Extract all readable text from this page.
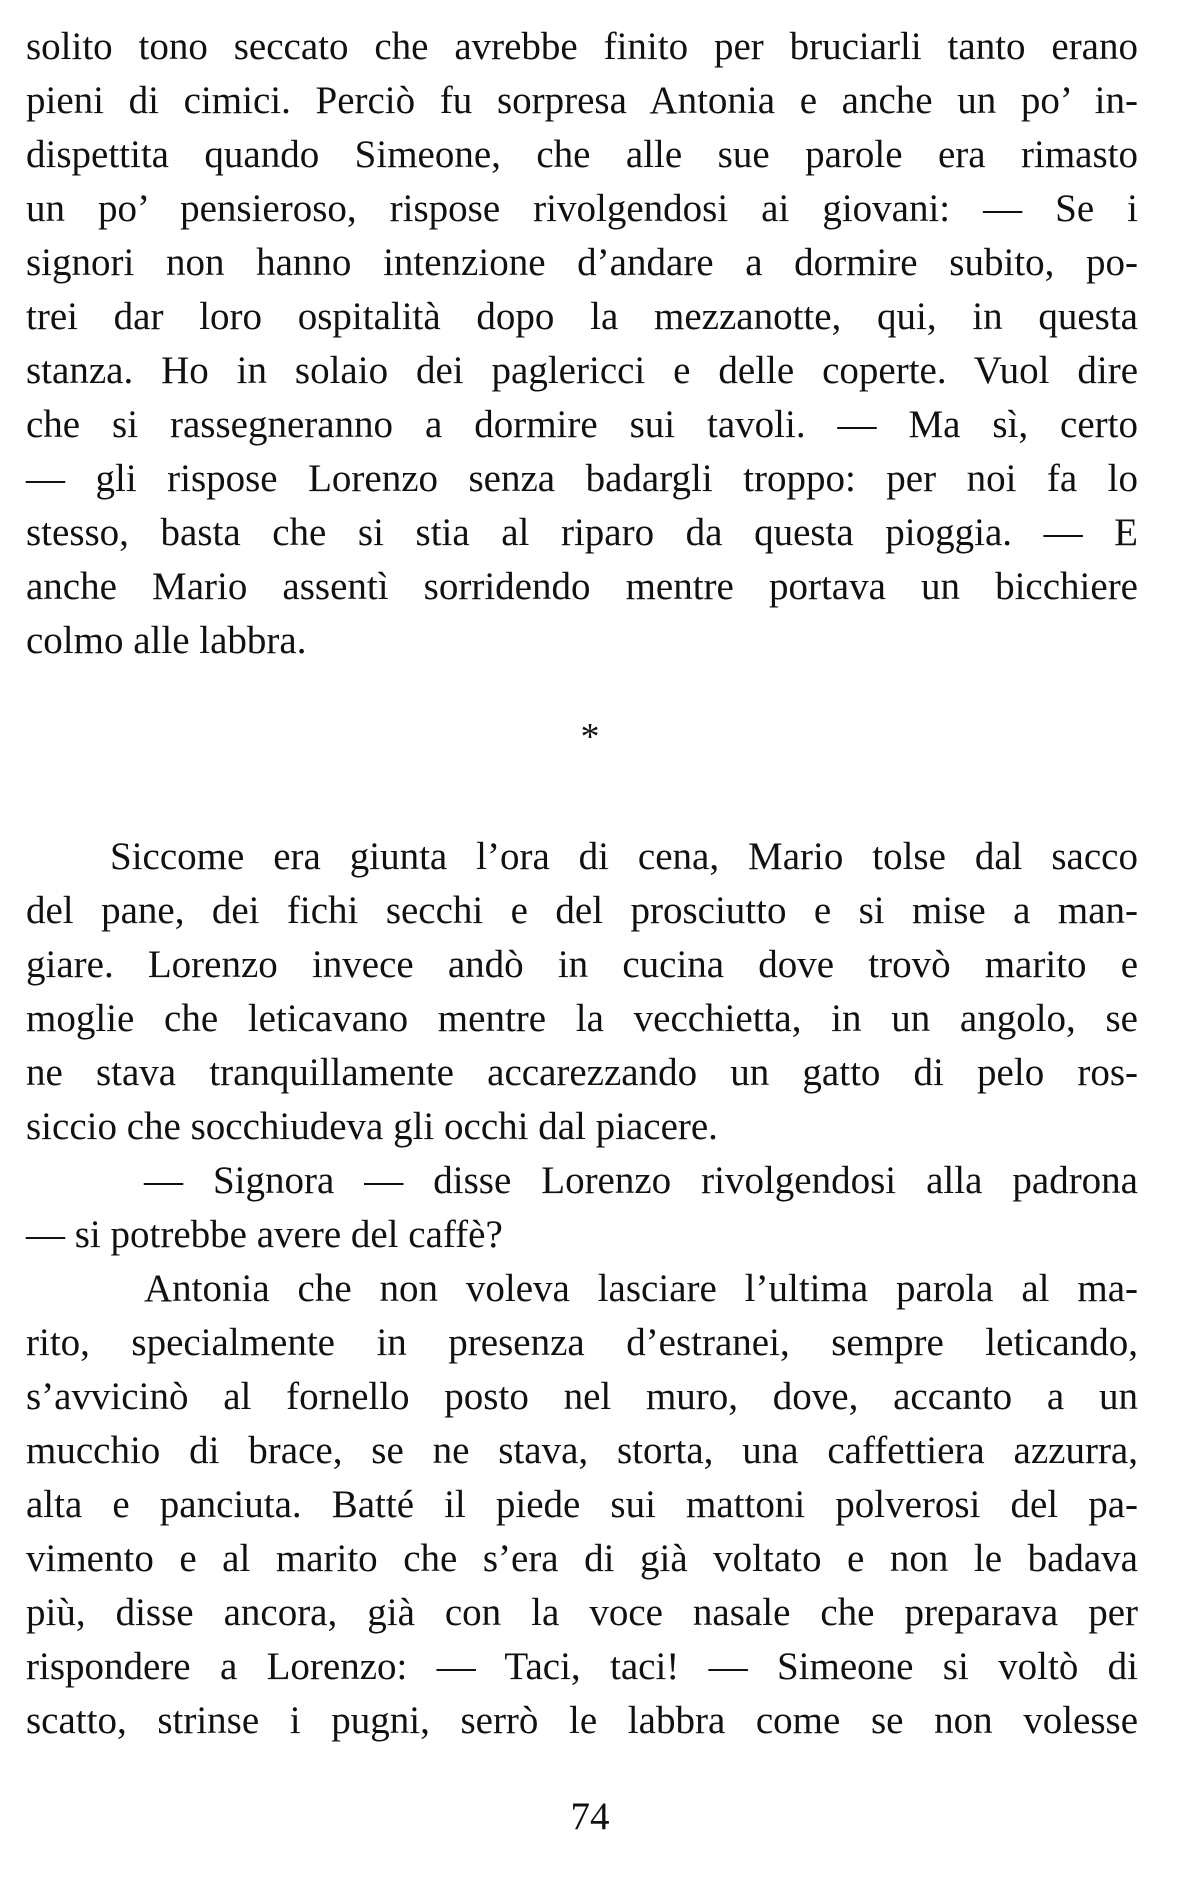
solito tono seccato che avrebbe finito per bruciarli tanto erano
pieni di cimici. Perciò fu sorpresa Antonia e anche un po’ in-
dispettita quando Simeone, che alle sue parole era rimasto
un po’ pensieroso, rispose rivolgendosi ai giovani: — Se i
signori non hanno intenzione d’andare a dormire subito, po-
trei dar loro ospitalità dopo la mezzanotte, qui, in questa
stanza. Ho in solaio dei paglericci e delle coperte. Vuol dire
che si rassegneranno a dormire sui tavoli. — Ma sì, certo
— gli rispose Lorenzo senza badargli troppo: per noi fa lo
stesso, basta che si stia al riparo da questa pioggia. — E
anche Mario assentì sorridendo mentre portava un bicchiere
colmo alle labbra.
*
Siccome era giunta l’ora di cena, Mario tolse dal sacco
del pane, dei fichi secchi e del prosciutto e si mise a man-
giare. Lorenzo invece andò in cucina dove trovò marito e
moglie che leticavano mentre la vecchietta, in un angolo, se
ne stava tranquillamente accarezzando un gatto di pelo ros-
siccio che socchiudeva gli occhi dal piacere.
— Signora — disse Lorenzo rivolgendosi alla padrona
— si potrebbe avere del caffè?
Antonia che non voleva lasciare l’ultima parola al ma-
rito, specialmente in presenza d’estranei, sempre leticando,
s’avvicinò al fornello posto nel muro, dove, accanto a un
mucchio di brace, se ne stava, storta, una caffettiera azzurra,
alta e panciuta. Batté il piede sui mattoni polverosi del pa-
vimento e al marito che s’era di già voltato e non le badava
più, disse ancora, già con la voce nasale che preparava per
rispondere a Lorenzo: — Taci, taci! — Simeone si voltò di
scatto, strinse i pugni, serrò le labbra come se non volesse
74
